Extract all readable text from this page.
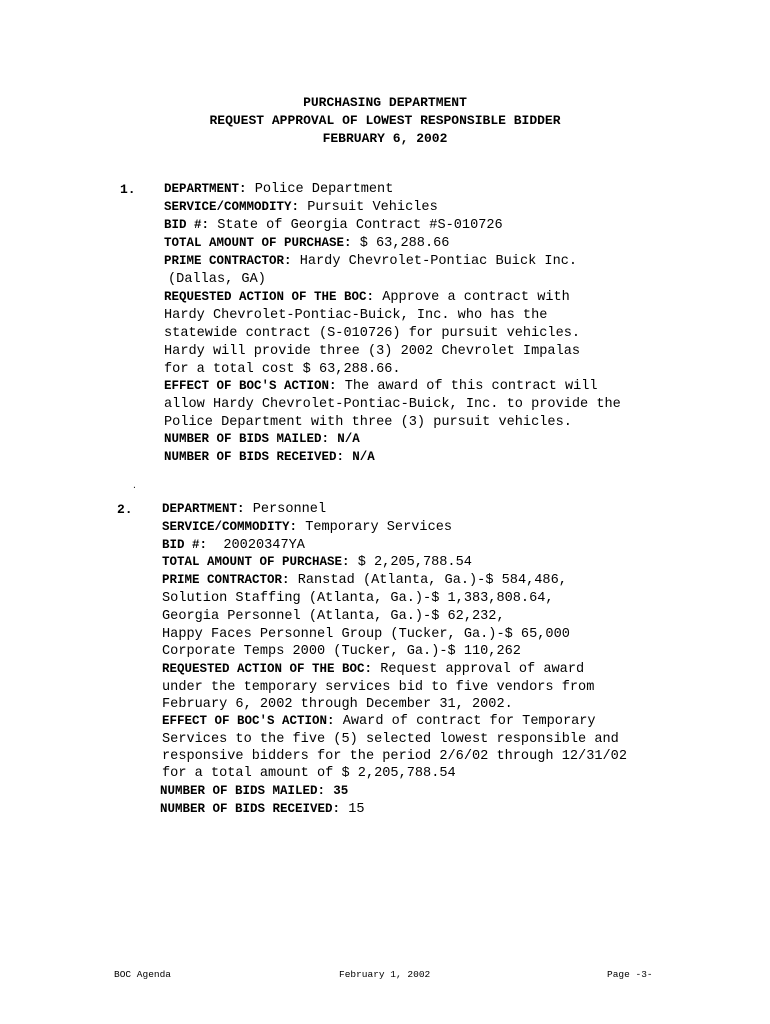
PURCHASING DEPARTMENT
REQUEST APPROVAL OF LOWEST RESPONSIBLE BIDDER
FEBRUARY 6, 2002
1. DEPARTMENT: Police Department
SERVICE/COMMODITY: Pursuit Vehicles
BID #: State of Georgia Contract #S-010726
TOTAL AMOUNT OF PURCHASE: $ 63,288.66
PRIME CONTRACTOR: Hardy Chevrolet-Pontiac Buick Inc.
(Dallas, GA)
REQUESTED ACTION OF THE BOC: Approve a contract with
Hardy Chevrolet-Pontiac-Buick, Inc. who has the
statewide contract (S-010726) for pursuit vehicles.
Hardy will provide three (3) 2002 Chevrolet Impalas
for a total cost $ 63,288.66.
EFFECT OF BOC'S ACTION: The award of this contract will
allow Hardy Chevrolet-Pontiac-Buick, Inc. to provide the
Police Department with three (3) pursuit vehicles.
NUMBER OF BIDS MAILED: N/A
NUMBER OF BIDS RECEIVED: N/A
.
2. DEPARTMENT: Personnel
SERVICE/COMMODITY: Temporary Services
BID #: 20020347YA
TOTAL AMOUNT OF PURCHASE: $ 2,205,788.54
PRIME CONTRACTOR: Ranstad (Atlanta, Ga.)-$ 584,486,
Solution Staffing (Atlanta, Ga.)-$ 1,383,808.64,
Georgia Personnel (Atlanta, Ga.)-$ 62,232,
Happy Faces Personnel Group (Tucker, Ga.)-$ 65,000
Corporate Temps 2000 (Tucker, Ga.)-$ 110,262
REQUESTED ACTION OF THE BOC: Request approval of award
under the temporary services bid to five vendors from
February 6, 2002 through December 31, 2002.
EFFECT OF BOC'S ACTION: Award of contract for Temporary
Services to the five (5) selected lowest responsible and
responsive bidders for the period 2/6/02 through 12/31/02
for a total amount of $ 2,205,788.54
NUMBER OF BIDS MAILED: 35
NUMBER OF BIDS RECEIVED: 15
BOC Agenda	February 1, 2002	Page -3-
